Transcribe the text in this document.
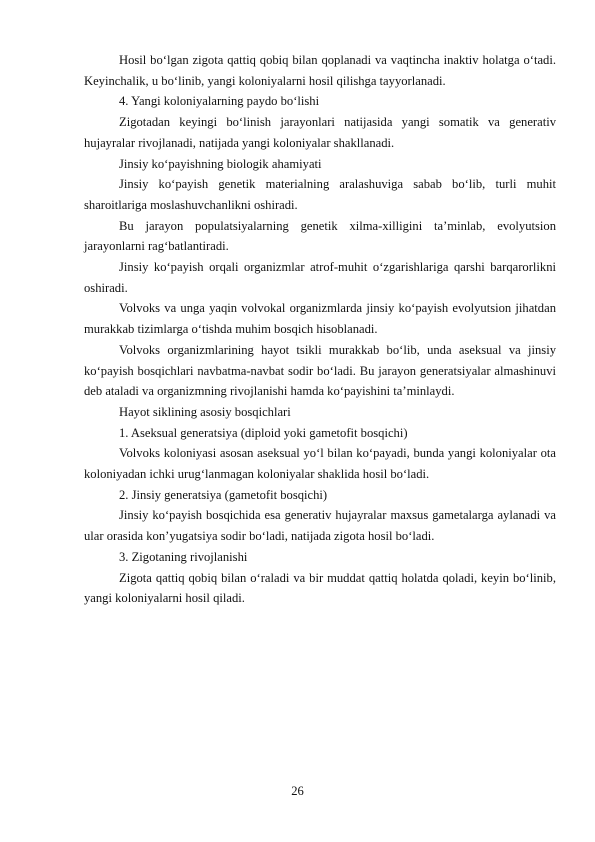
Hosil bo‘lgan zigota qattiq qobiq bilan qoplanadi va vaqtincha inaktiv holatga o‘tadi. Keyinchalik, u bo‘linib, yangi koloniyalarni hosil qilishga tayyorlanadi.

4. Yangi koloniyalarning paydo bo‘lishi

Zigotadan keyingi bo‘linish jarayonlari natijasida yangi somatik va generativ hujayralar rivojlanadi, natijada yangi koloniyalar shakllanadi.

Jinsiy ko‘payishning biologik ahamiyati

Jinsiy ko‘payish genetik materialning aralashuviga sabab bo‘lib, turli muhit sharoitlariga moslashuvchanlikni oshiradi.

Bu jarayon populatsiyalarning genetik xilma-xilligini ta’minlab, evolyutsion jarayonlarni rag‘batlantiradi.

Jinsiy ko‘payish orqali organizmlar atrof-muhit o‘zgarishlariga qarshi barqarorlikni oshiradi.

Volvoks va unga yaqin volvokal organizmlarda jinsiy ko‘payish evolyutsion jihatdan murakkab tizimlarga o‘tishda muhim bosqich hisoblanadi.

Volvoks organizmlarining hayot tsikli murakkab bo‘lib, unda aseksual va jinsiy ko‘payish bosqichlari navbatma-navbat sodir bo‘ladi. Bu jarayon generatsiyalar almashinuvi deb ataladi va organizmning rivojlanishi hamda ko‘payishini ta’minlaydi.

Hayot siklining asosiy bosqichlari

1. Aseksual generatsiya (diploid yoki gametofit bosqichi)

Volvoks koloniyasi asosan aseksual yo‘l bilan ko‘payadi, bunda yangi koloniyalar ota koloniyadan ichki urug‘lanmagan koloniyalar shaklida hosil bo‘ladi.

2. Jinsiy generatsiya (gametofit bosqichi)

Jinsiy ko‘payish bosqichida esa generativ hujayralar maxsus gametalarga aylanadi va ular orasida kon’yugatsiya sodir bo‘ladi, natijada zigota hosil bo‘ladi.

3. Zigotaning rivojlanishi

Zigota qattiq qobiq bilan o‘raladi va bir muddat qattiq holatda qoladi, keyin bo‘linib, yangi koloniyalarni hosil qiladi.

26
